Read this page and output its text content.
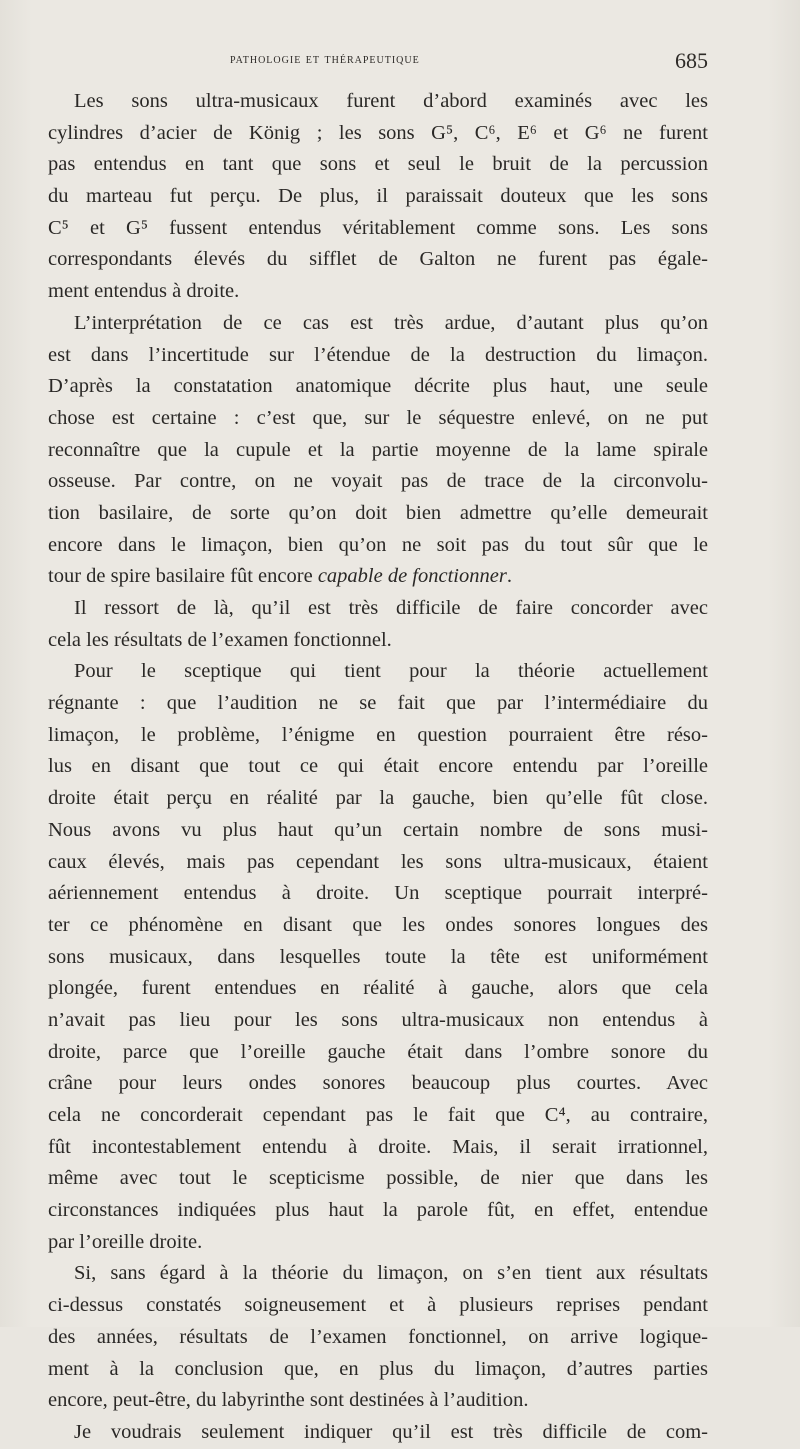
pathologie et thérapeutique	685
Les sons ultra-musicaux furent d’abord examinés avec les
cylindres d’acier de König ; les sons G⁵, C⁶, E⁶ et G⁶ ne furent
pas entendus en tant que sons et seul le bruit de la percussion
du marteau fut perçu. De plus, il paraissait douteux que les sons
C⁵ et G⁵ fussent entendus véritablement comme sons. Les sons
correspondants élevés du sifflet de Galton ne furent pas égale-
ment entendus à droite.
L’interprétation de ce cas est très ardue, d’autant plus qu’on
est dans l’incertitude sur l’étendue de la destruction du limaçon.
D’après la constatation anatomique décrite plus haut, une seule
chose est certaine : c’est que, sur le séquestre enlevé, on ne put
reconnaître que la cupule et la partie moyenne de la lame spirale
osseuse. Par contre, on ne voyait pas de trace de la circonvolu-
tion basilaire, de sorte qu’on doit bien admettre qu’elle demeurait
encore dans le limaçon, bien qu’on ne soit pas du tout sûr que le
tour de spire basilaire fût encore capable de fonctionner.
Il ressort de là, qu’il est très difficile de faire concorder avec
cela les résultats de l’examen fonctionnel.
Pour le sceptique qui tient pour la théorie actuellement
régnante : que l’audition ne se fait que par l’intermédiaire du
limaçon, le problème, l’énigme en question pourraient être réso-
lus en disant que tout ce qui était encore entendu par l’oreille
droite était perçu en réalité par la gauche, bien qu’elle fût close.
Nous avons vu plus haut qu’un certain nombre de sons musi-
caux élevés, mais pas cependant les sons ultra-musicaux, étaient
aériennement entendus à droite. Un sceptique pourrait interpré-
ter ce phénomène en disant que les ondes sonores longues des
sons musicaux, dans lesquelles toute la tête est uniformément
plongée, furent entendues en réalité à gauche, alors que cela
n’avait pas lieu pour les sons ultra-musicaux non entendus à
droite, parce que l’oreille gauche était dans l’ombre sonore du
crâne pour leurs ondes sonores beaucoup plus courtes. Avec
cela ne concorderait cependant pas le fait que C⁴, au contraire,
fût incontestablement entendu à droite. Mais, il serait irrationnel,
même avec tout le scepticisme possible, de nier que dans les
circonstances indiquées plus haut la parole fût, en effet, entendue
par l’oreille droite.
Si, sans égard à la théorie du limaçon, on s’en tient aux résultats
ci-dessus constatés soigneusement et à plusieurs reprises pendant
des années, résultats de l’examen fonctionnel, on arrive logique-
ment à la conclusion que, en plus du limaçon, d’autres parties
encore, peut-être, du labyrinthe sont destinées à l’audition.
Je voudrais seulement indiquer qu’il est très difficile de com-
